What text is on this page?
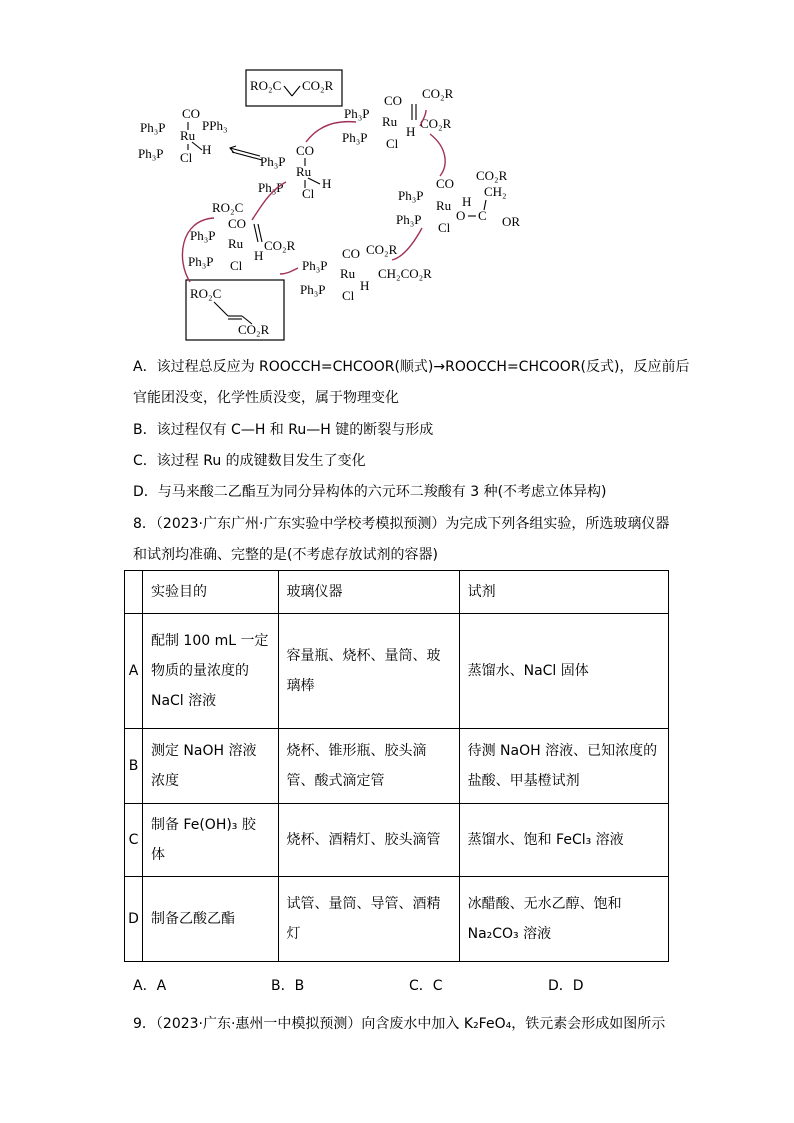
CO
Ru
Ph₃P	PPh₃
Ph₃P	H
Cl	CO
Ru
Ph₃P
Ph₃P	H
Cl
RO₂C CO₂R
CO
Ru
Ph₃P
Ph₃P	H
Cl
CO₂R
CO₂R
CO
Ru
Ph₃P
Ph₃P
H
Cl
CO₂R
CH₂
O C OR
CO
Ru
Ph₃P
Ph₃P	H
Cl
CO₂R
CH₂CO₂R
CO
Ru
Ph₃P
Ph₃P	H
Cl
RO₂C
CO₂R
RO₂C
CO₂R
A．该过程总反应为 ROOCCH=CHCOOR(顺式)→ROOCCH=CHCOOR(反式)，反应前后
官能团没变，化学性质没变，属于物理变化
B．该过程仅有 C—H 和 Ru—H 键的断裂与形成
C．该过程 Ru 的成键数目发生了变化
D．与马来酸二乙酯互为同分异构体的六元环二羧酸有 3 种(不考虑立体异构)
8．（2023·广东广州·广东实验中学校考模拟预测）为完成下列各组实验，所选玻璃仪器
和试剂均准确、完整的是(不考虑存放试剂的容器)
	实验目的	玻璃仪器	试剂
A	配制 100 mL 一定物质的量浓度的 NaCl 溶液	容量瓶、烧杯、量筒、玻璃棒	蒸馏水、NaCl 固体
B	测定 NaOH 溶液浓度	烧杯、锥形瓶、胶头滴管、酸式滴定管	待测 NaOH 溶液、已知浓度的盐酸、甲基橙试剂
C	制备 Fe(OH)₃ 胶体	烧杯、酒精灯、胶头滴管	蒸馏水、饱和 FeCl₃ 溶液
D	制备乙酸乙酯	试管、量筒、导管、酒精灯	冰醋酸、无水乙醇、饱和 Na₂CO₃ 溶液
A．A	B．B	C．C	D．D
9．（2023·广东·惠州一中模拟预测）向含废水中加入 K₂FeO₄，铁元素会形成如图所示
